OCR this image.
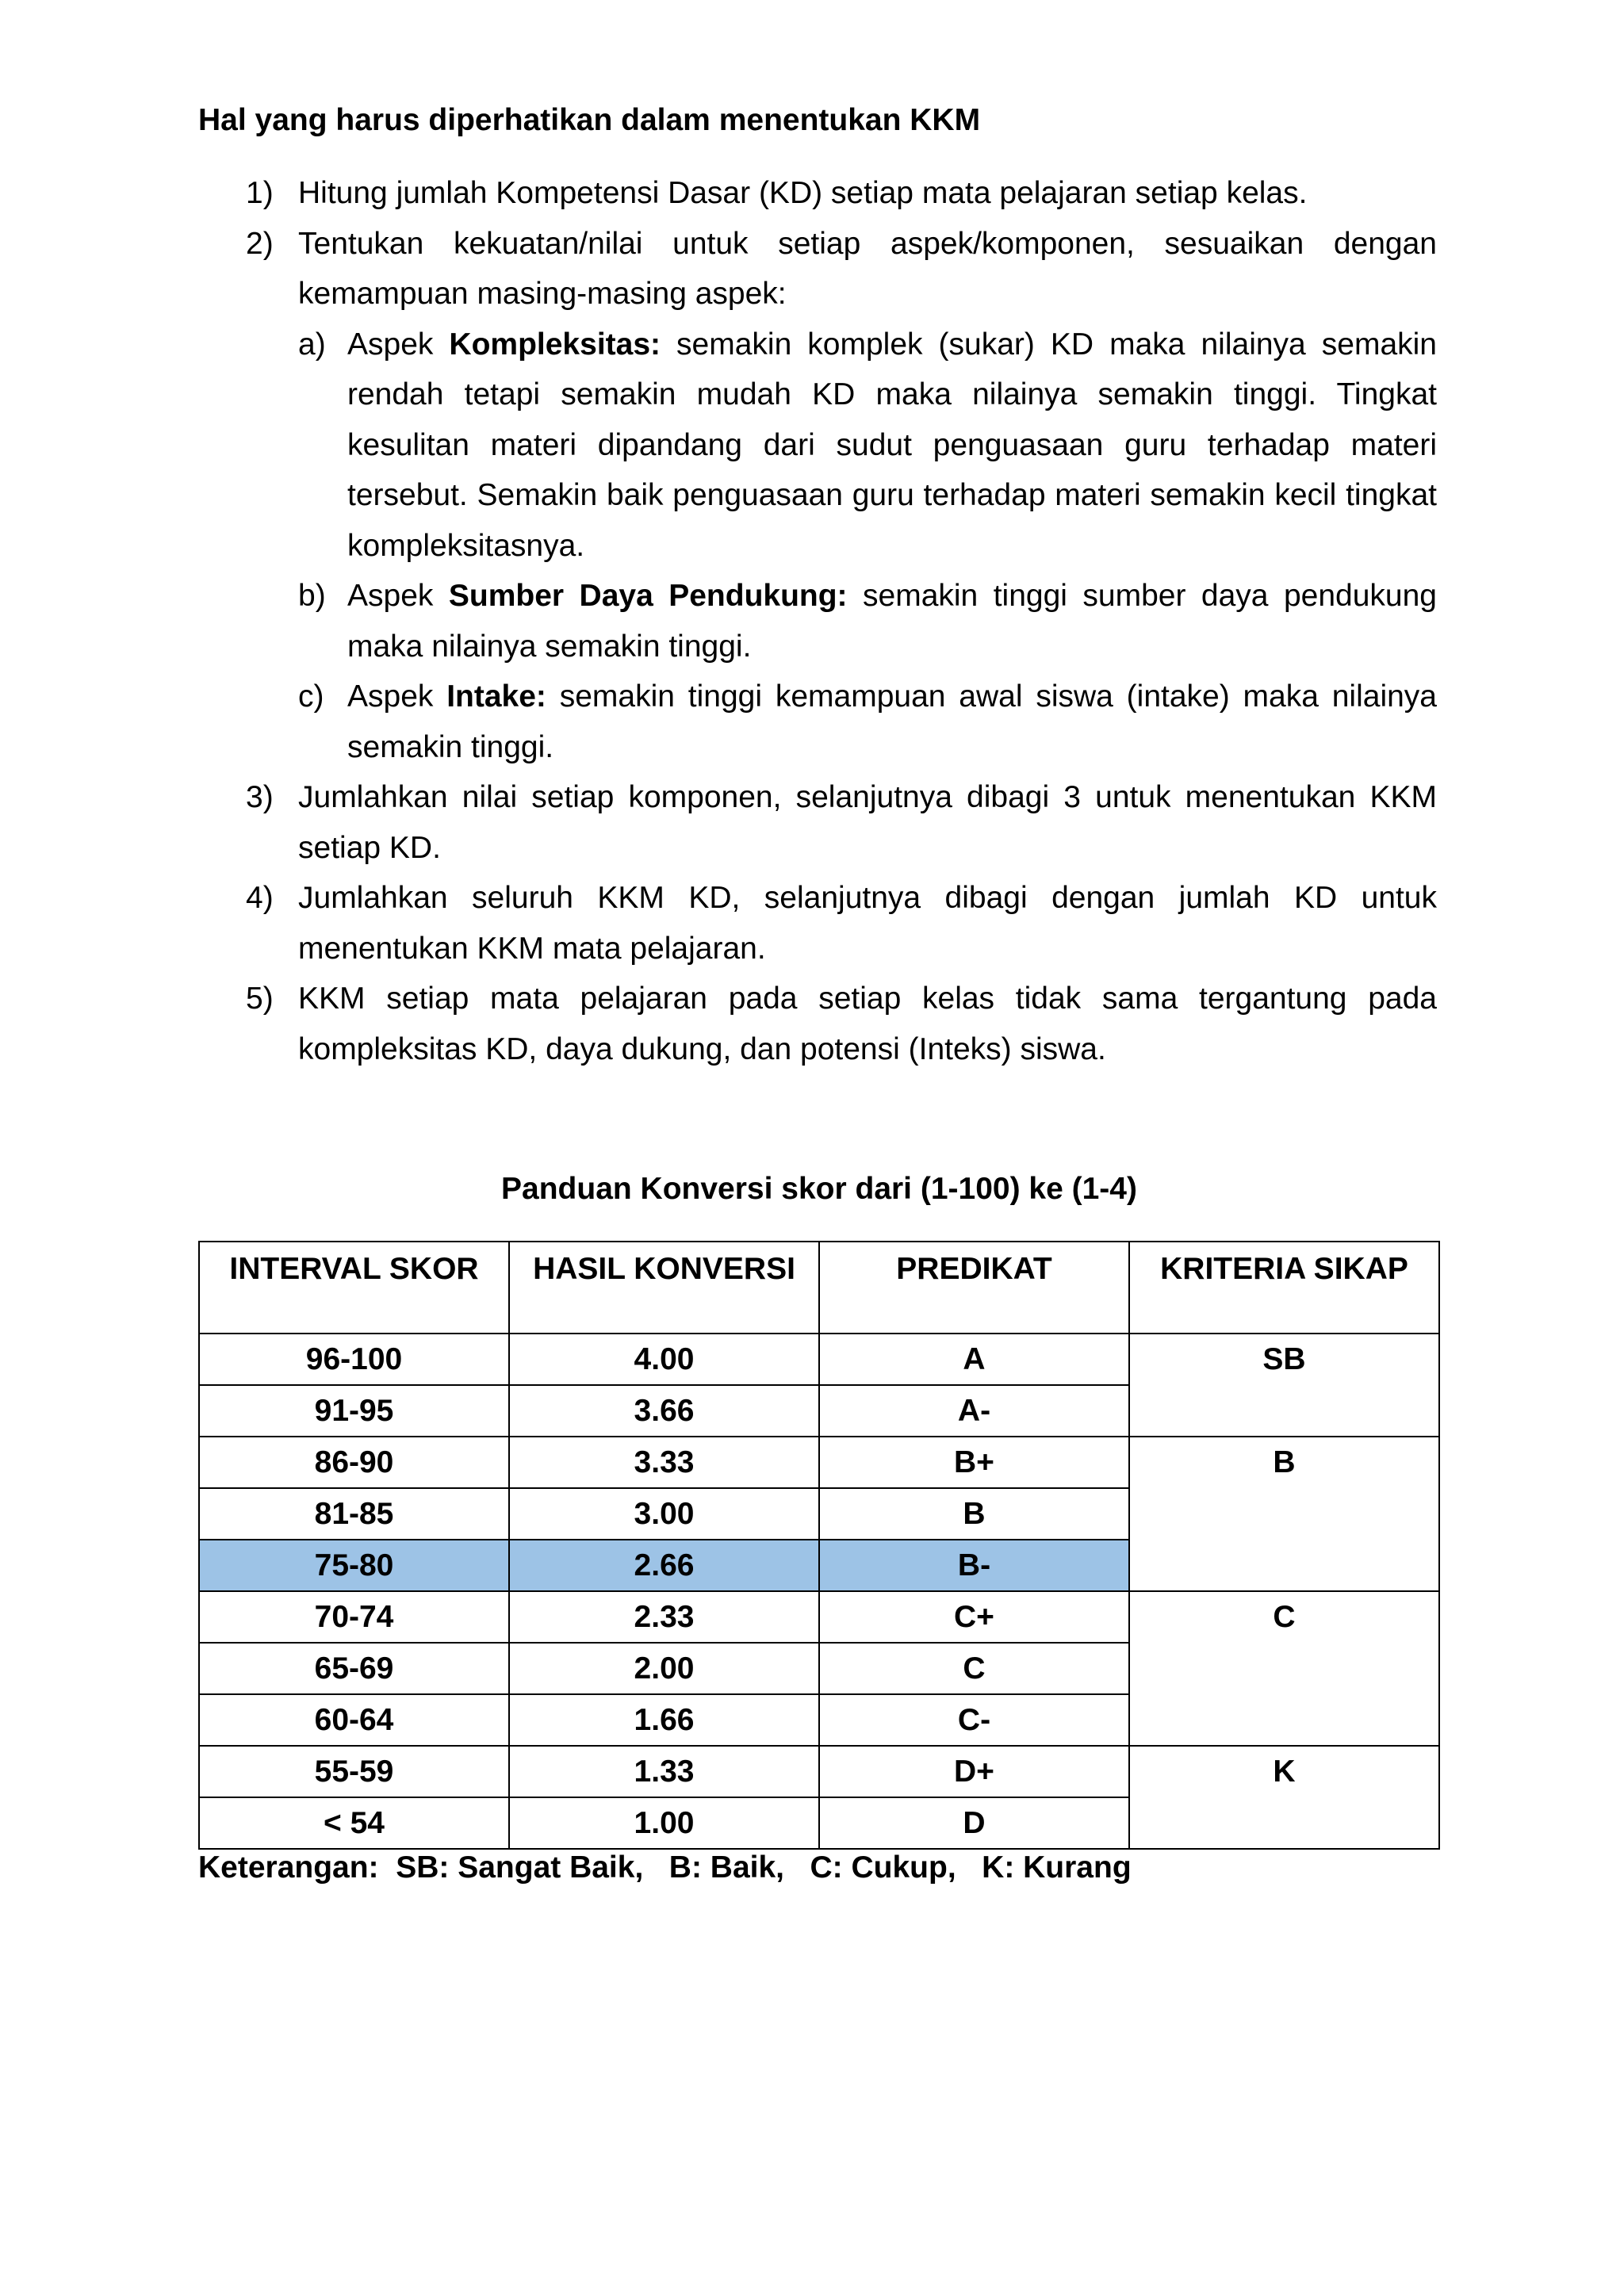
Hal yang harus diperhatikan dalam menentukan KKM
1) Hitung jumlah Kompetensi Dasar (KD) setiap mata pelajaran setiap kelas.
2) Tentukan kekuatan/nilai untuk setiap aspek/komponen, sesuaikan dengan kemampuan masing-masing aspek:
a) Aspek Kompleksitas: semakin komplek (sukar) KD maka nilainya semakin rendah tetapi semakin mudah KD maka nilainya semakin tinggi. Tingkat kesulitan materi dipandang dari sudut penguasaan guru terhadap materi tersebut. Semakin baik penguasaan guru terhadap materi semakin kecil tingkat kompleksitasnya.
b) Aspek Sumber Daya Pendukung: semakin tinggi sumber daya pendukung maka nilainya semakin tinggi.
c) Aspek Intake: semakin tinggi kemampuan awal siswa (intake) maka nilainya semakin tinggi.
3) Jumlahkan nilai setiap komponen, selanjutnya dibagi 3 untuk menentukan KKM setiap KD.
4) Jumlahkan seluruh KKM KD, selanjutnya dibagi dengan jumlah KD untuk menentukan KKM mata pelajaran.
5) KKM setiap mata pelajaran pada setiap kelas tidak sama tergantung pada kompleksitas KD, daya dukung, dan potensi (Inteks) siswa.
Panduan Konversi skor dari (1-100) ke (1-4)
INTERVAL SKOR	HASIL KONVERSI	PREDIKAT	KRITERIA SIKAP
96-100	4.00	A	SB
91-95	3.66	A-	
86-90	3.33	B+	B
81-85	3.00	B	
75-80	2.66	B-	
70-74	2.33	C+	C
65-69	2.00	C	
60-64	1.66	C-	
55-59	1.33	D+	K
< 54	1.00	D	

Keterangan:  SB: Sangat Baik,   B: Baik,   C: Cukup,   K: Kurang
